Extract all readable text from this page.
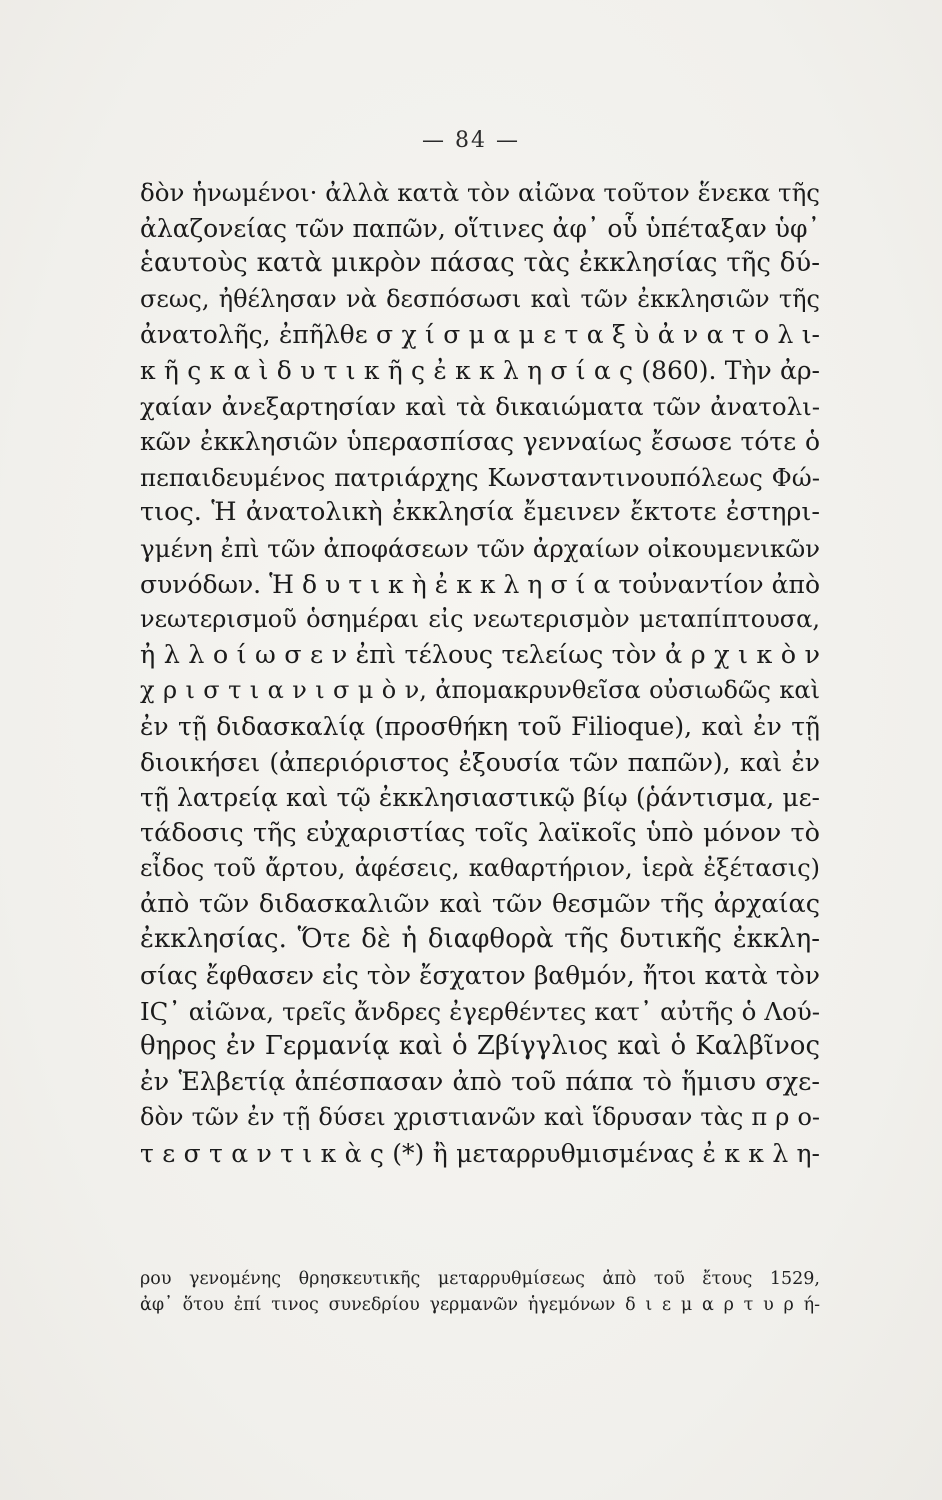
— 84 —
δὸν ἡνωμένοι· ἀλλὰ κατὰ τὸν αἰῶνα τοῦτον ἕνεκα τῆς
ἀλαζονείας τῶν παπῶν, οἵτινες ἀφ᾽ οὗ ὑπέταξαν ὑφ᾽
ἑαυτοὺς κατὰ μικρὸν πάσας τὰς ἐκκλησίας τῆς δύ-
σεως, ἠθέλησαν νὰ δεσπόσωσι καὶ τῶν ἐκκλησιῶν τῆς
ἀνατολῆς, ἐπῆλθε σ χ ί σ μ α μ ε τ α ξ ὺ ἀ ν α τ ο λ ι-
κ ῆ ς κ α ὶ δ υ τ ι κ ῆ ς ἐ κ κ λ η σ ί α ς (860). Τὴν ἀρ-
χαίαν ἀνεξαρτησίαν καὶ τὰ δικαιώματα τῶν ἀνατολι-
κῶν ἐκκλησιῶν ὑπερασπίσας γενναίως ἔσωσε τότε ὁ
πεπαιδευμένος πατριάρχης Κωνσταντινουπόλεως Φώ-
τιος. Ἡ ἀνατολικὴ ἐκκλησία ἔμεινεν ἔκτοτε ἐστηρι-
γμένη ἐπὶ τῶν ἀποφάσεων τῶν ἀρχαίων οἰκουμενικῶν
συνόδων. Ἡ δ υ τ ι κ ὴ ἐ κ κ λ η σ ί α τοὐναντίον ἀπὸ
νεωτερισμοῦ ὁσημέραι εἰς νεωτερισμὸν μεταπίπτουσα,
ἠ λ λ ο ί ω σ ε ν ἐπὶ τέλους τελείως τὸν ἀ ρ χ ι κ ὸ ν
χ ρ ι σ τ ι α ν ι σ μ ὸ ν, ἀπομακρυνθεῖσα οὐσιωδῶς καὶ
ἐν τῇ διδασκαλίᾳ (προσθήκη τοῦ Filioque), καὶ ἐν τῇ
διοικήσει (ἀπεριόριστος ἐξουσία τῶν παπῶν), καὶ ἐν
τῇ λατρείᾳ καὶ τῷ ἐκκλησιαστικῷ βίῳ (ῥάντισμα, με-
τάδοσις τῆς εὐχαριστίας τοῖς λαϊκοῖς ὑπὸ μόνον τὸ
εἶδος τοῦ ἄρτου, ἀφέσεις, καθαρτήριον, ἱερὰ ἐξέτασις)
ἀπὸ τῶν διδασκαλιῶν καὶ τῶν θεσμῶν τῆς ἀρχαίας
ἐκκλησίας. Ὅτε δὲ ἡ διαφθορὰ τῆς δυτικῆς ἐκκλη-
σίας ἔφθασεν εἰς τὸν ἔσχατον βαθμόν, ἤτοι κατὰ τὸν
ΙϚ᾽ αἰῶνα, τρεῖς ἄνδρες ἐγερθέντες κατ᾽ αὐτῆς ὁ Λού-
θηρος ἐν Γερμανίᾳ καὶ ὁ Ζβίγγλιος καὶ ὁ Καλβῖνος
ἐν Ἑλβετίᾳ ἀπέσπασαν ἀπὸ τοῦ πάπα τὸ ἥμισυ σχε-
δὸν τῶν ἐν τῇ δύσει χριστιανῶν καὶ ἵδρυσαν τὰς π ρ ο-
τ ε σ τ α ν τ ι κ ὰ ς (*) ἢ μεταρρυθμισμένας ἐ κ κ λ η-
ρου γενομένης θρησκευτικῆς μεταρρυθμίσεως ἀπὸ τοῦ ἔτους 1529,
ἀφ᾽ ὅτου ἐπί τινος συνεδρίου γερμανῶν ἡγεμόνων δ ι ε μ α ρ τ υ ρ ή-
